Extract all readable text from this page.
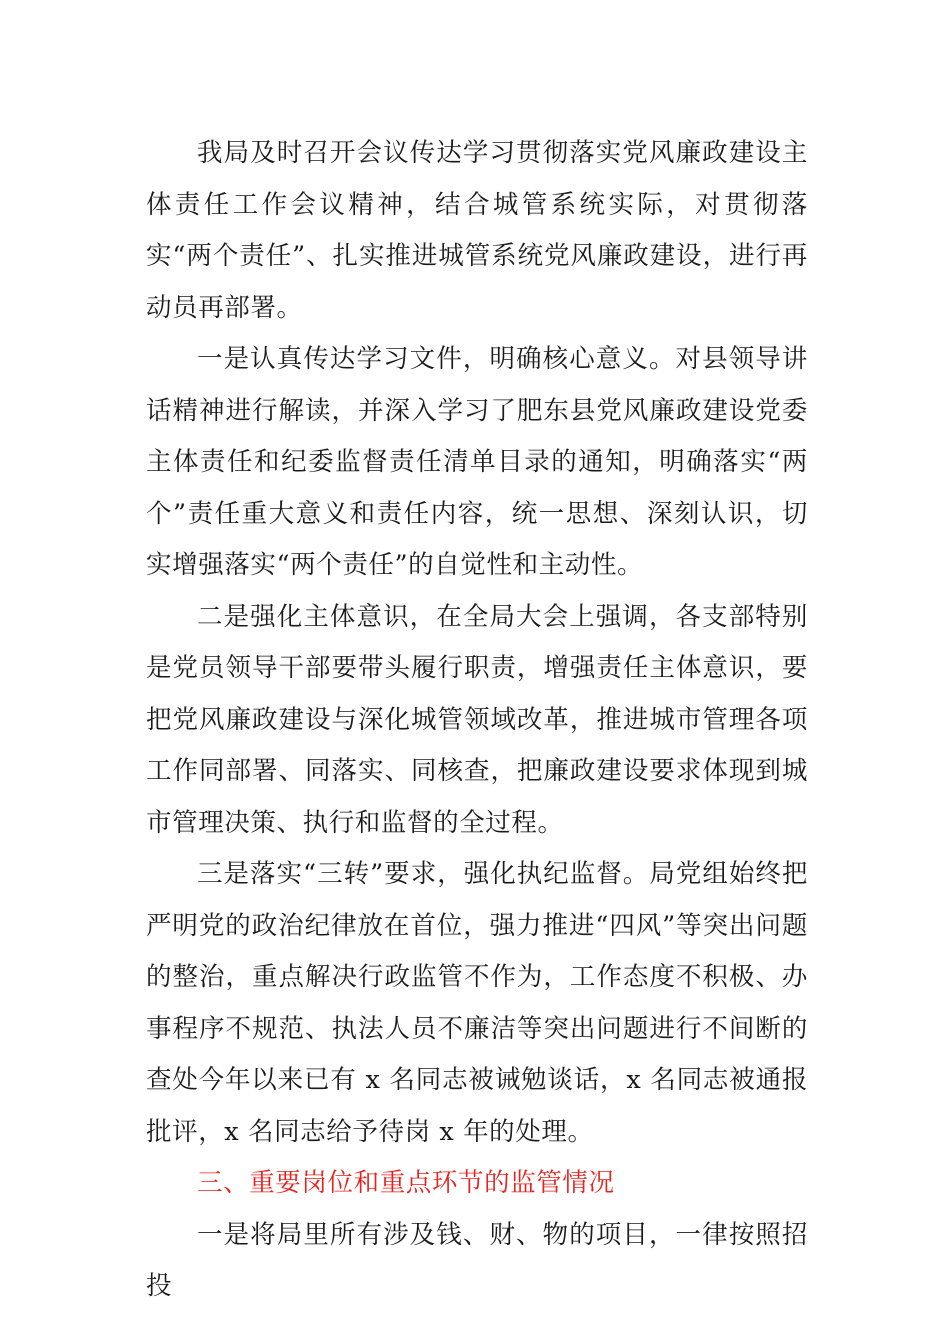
我局及时召开会议传达学习贯彻落实党风廉政建设主体责任工作会议精神，结合城管系统实际，对贯彻落实“两个责任”、扎实推进城管系统党风廉政建设，进行再动员再部署。

一是认真传达学习文件，明确核心意义。对县领导讲话精神进行解读，并深入学习了肥东县党风廉政建设党委主体责任和纪委监督责任清单目录的通知，明确落实“两个”责任重大意义和责任内容，统一思想、深刻认识，切实增强落实“两个责任”的自觉性和主动性。

二是强化主体意识，在全局大会上强调，各支部特别是党员领导干部要带头履行职责，增强责任主体意识，要把党风廉政建设与深化城管领域改革，推进城市管理各项工作同部署、同落实、同核查，把廉政建设要求体现到城市管理决策、执行和监督的全过程。

三是落实“三转”要求，强化执纪监督。局党组始终把严明党的政治纪律放在首位，强力推进“四风”等突出问题的整治，重点解决行政监管不作为，工作态度不积极、办事程序不规范、执法人员不廉洁等突出问题进行不间断的查处今年以来已有 x 名同志被诫勉谈话，x 名同志被通报批评，x 名同志给予待岗 x 年的处理。

三、重要岗位和重点环节的监管情况

一是将局里所有涉及钱、财、物的项目，一律按照招投
